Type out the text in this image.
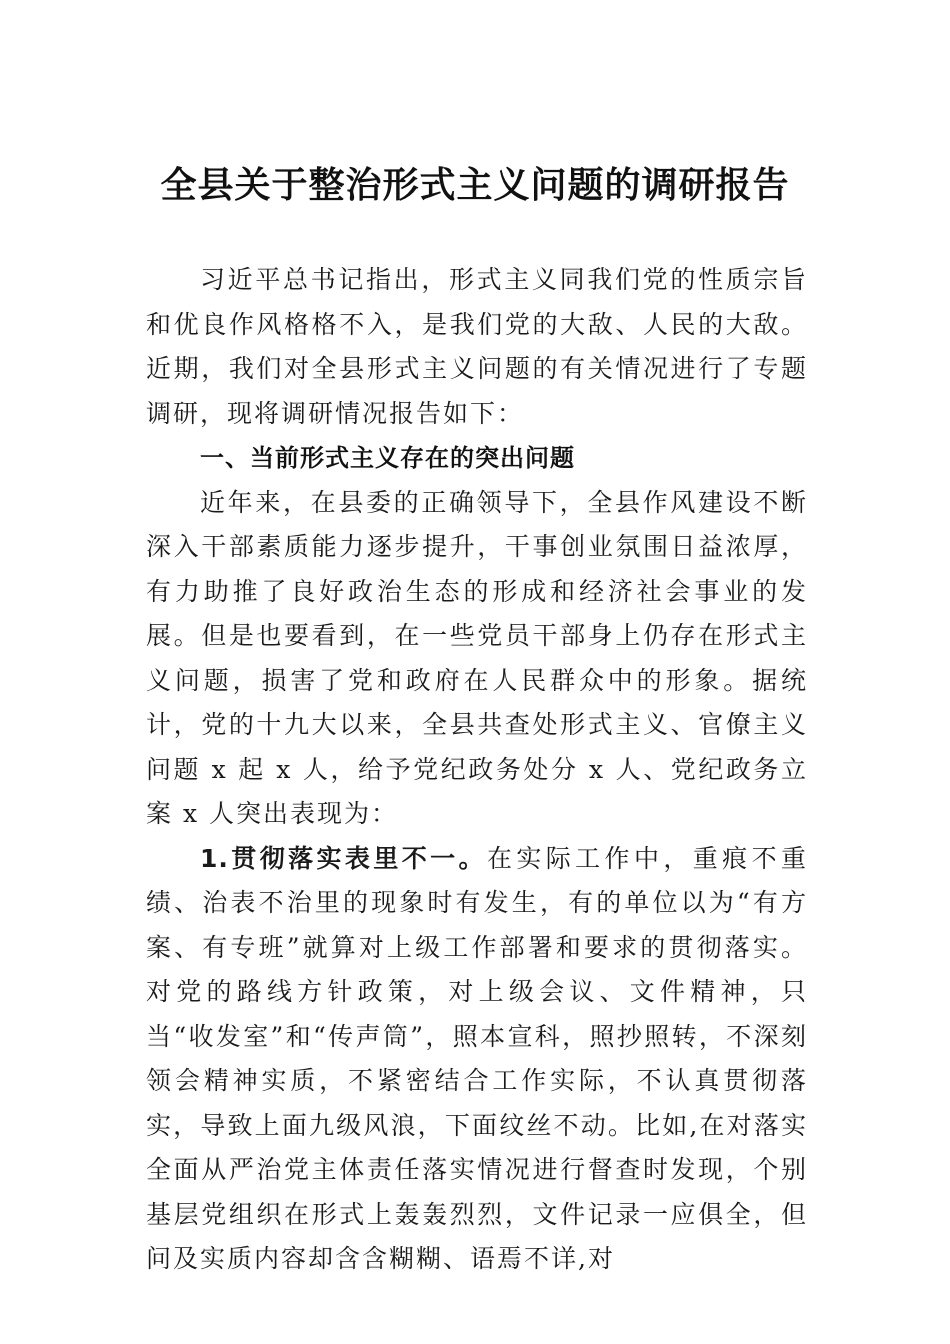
全县关于整治形式主义问题的调研报告

习近平总书记指出，形式主义同我们党的性质宗旨和优良作风格格不入，是我们党的大敌、人民的大敌。近期，我们对全县形式主义问题的有关情况进行了专题调研，现将调研情况报告如下：

一、当前形式主义存在的突出问题

近年来，在县委的正确领导下，全县作风建设不断深入干部素质能力逐步提升，干事创业氛围日益浓厚，有力助推了良好政治生态的形成和经济社会事业的发展。但是也要看到，在一些党员干部身上仍存在形式主义问题，损害了党和政府在人民群众中的形象。据统计，党的十九大以来，全县共查处形式主义、官僚主义问题 x 起 x 人，给予党纪政务处分 x 人、党纪政务立案 x 人突出表现为：

1.贯彻落实表里不一。在实际工作中，重痕不重绩、治表不治里的现象时有发生，有的单位以为“有方案、有专班”就算对上级工作部署和要求的贯彻落实。对党的路线方针政策，对上级会议、文件精神，只当“收发室”和“传声筒”，照本宣科，照抄照转，不深刻领会精神实质，不紧密结合工作实际，不认真贯彻落实，导致上面九级风浪，下面纹丝不动。比如,在对落实全面从严治党主体责任落实情况进行督查时发现，个别基层党组织在形式上轰轰烈烈，文件记录一应俱全，但问及实质内容却含含糊糊、语焉不详,对
